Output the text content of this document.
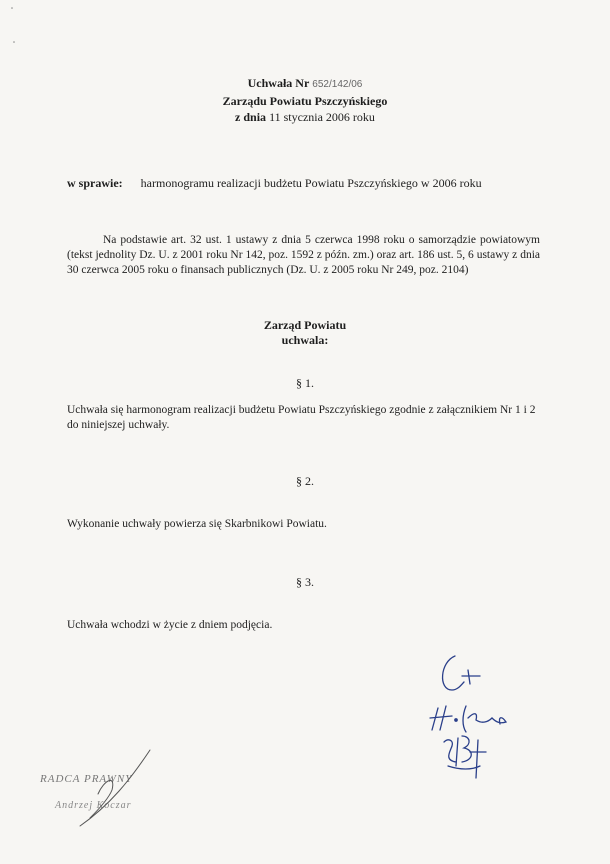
Uchwała Nr 652/142/06
Zarządu Powiatu Pszczyńskiego
z dnia 11 stycznia 2006 roku
w sprawie: harmonogramu realizacji budżetu Powiatu Pszczyńskiego w 2006 roku
Na podstawie art. 32 ust. 1 ustawy z dnia 5 czerwca 1998 roku o samorządzie powiatowym (tekst jednolity Dz. U. z 2001 roku Nr 142, poz. 1592 z późn. zm.) oraz art. 186 ust. 5, 6 ustawy z dnia 30 czerwca 2005 roku o finansach publicznych (Dz. U. z 2005 roku Nr 249, poz. 2104)
Zarząd Powiatu
uchwala:
§ 1.
Uchwała się harmonogram realizacji budżetu Powiatu Pszczyńskiego zgodnie z załącznikiem Nr 1 i 2 do niniejszej uchwały.
§ 2.
Wykonanie uchwały powierza się Skarbnikowi Powiatu.
§ 3.
Uchwała wchodzi w życie z dniem podjęcia.
RADCA PRAWNY
Andrzej Koczar
